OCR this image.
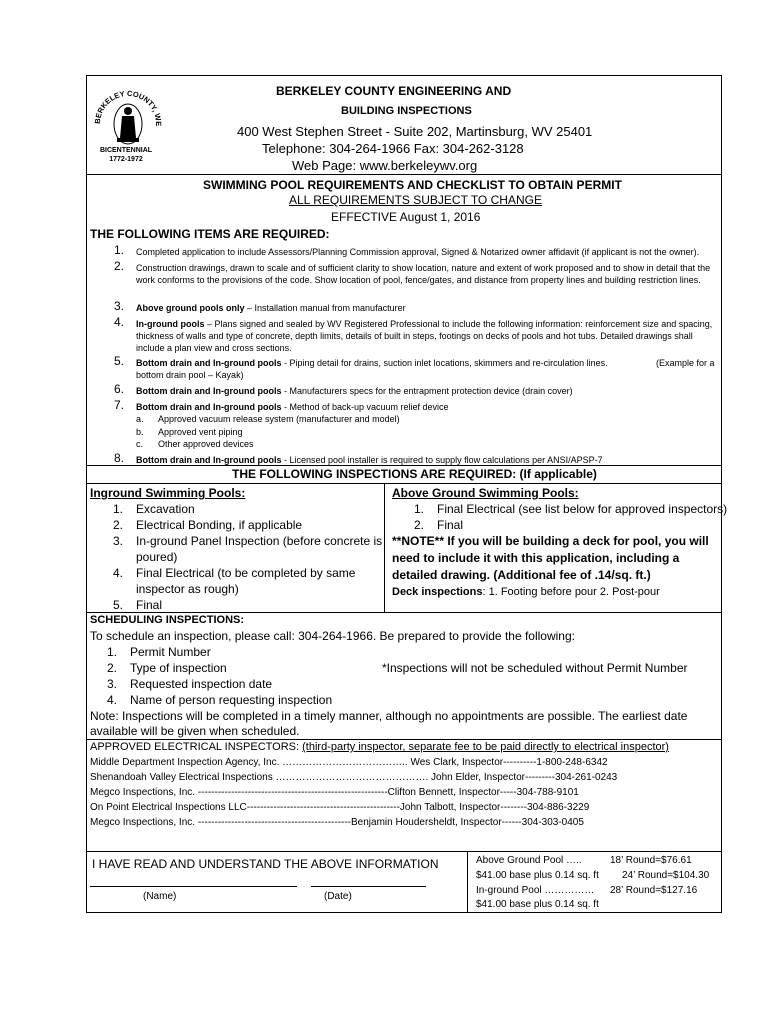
BERKELEY COUNTY, W
BICENTENNIAL
1772-1972
BERKELEY COUNTY ENGINEERING AND
BUILDING INSPECTIONS
400 West Stephen Street - Suite 202, Martinsburg, WV 25401
Telephone: 304-264-1966 Fax: 304-262-3128
Web Page: www.berkeleywv.org
SWIMMING POOL REQUIREMENTS AND CHECKLIST TO OBTAIN PERMIT
ALL REQUIREMENTS SUBJECT TO CHANGE
EFFECTIVE August 1, 2016
THE FOLLOWING ITEMS ARE REQUIRED:
1. Completed application to include Assessors/Planning Commission approval, Signed & Notarized owner affidavit (if applicant is not the owner).
2. Construction drawings, drawn to scale and of sufficient clarity to show location, nature and extent of work proposed and to show in detail that the work conforms to the provisions of the code. Show location of pool, fence/gates, and distance from property lines and building restriction lines.
3. Above ground pools only – Installation manual from manufacturer
4. In-ground pools – Plans signed and sealed by WV Registered Professional to include the following information: reinforcement size and spacing, thickness of walls and type of concrete, depth limits, details of built in steps, footings on decks of pools and hot tubs. Detailed drawings shall include a plan view and cross sections.
5. Bottom drain and In-ground pools - Piping detail for drains, suction inlet locations, skimmers and re-circulation lines.	(Example for a
bottom drain pool – Kayak)
6. Bottom drain and In-ground pools - Manufacturers specs for the entrapment protection device (drain cover)
7. Bottom drain and In-ground pools - Method of back-up vacuum relief device
a. Approved vacuum release system (manufacturer and model)
b. Approved vent piping
c. Other approved devices
8. Bottom drain and In-ground pools - Licensed pool installer is required to supply flow calculations per ANSI/APSP-7
THE FOLLOWING INSPECTIONS ARE REQUIRED: (If applicable)
Inground Swimming Pools:
1. Excavation
2. Electrical Bonding, if applicable
3. In-ground Panel Inspection (before concrete is
poured)
4. Final Electrical (to be completed by same
inspector as rough)
5. Final
Above Ground Swimming Pools:
1. Final Electrical (see list below for approved inspectors)
2. Final
**NOTE** If you will be building a deck for pool, you will
need to include it with this application, including a
detailed drawing. (Additional fee of .14/sq. ft.)
Deck inspections: 1. Footing before pour 2. Post-pour
SCHEDULING INSPECTIONS:
To schedule an inspection, please call: 304-264-1966. Be prepared to provide the following:
1. Permit Number
2. Type of inspection	*Inspections will not be scheduled without Permit Number
3. Requested inspection date
4. Name of person requesting inspection
Note: Inspections will be completed in a timely manner, although no appointments are possible. The earliest date
available will be given when scheduled.
APPROVED ELECTRICAL INSPECTORS: (third-party inspector, separate fee to be paid directly to electrical inspector)
Middle Department Inspection Agency, Inc. ……………………………….. Wes Clark, Inspector----------1-800-248-6342
Shenandoah Valley Electrical Inspections ………………………………………. John Elder, Inspector---------304-261-0243
Megco Inspections, Inc. ---------------------------------------------------------Clifton Bennett, Inspector-----304-788-9101
On Point Electrical Inspections LLC----------------------------------------------John Talbott, Inspector--------304-886-3229
Megco Inspections, Inc. ----------------------------------------------Benjamin Houdersheldt, Inspector------304-303-0405
I HAVE READ AND UNDERSTAND THE ABOVE INFORMATION
(Name)	(Date)
Above Ground Pool …..	18’ Round=$76.61
$41.00 base plus 0.14 sq. ft 24’ Round=$104.30
In-ground Pool …………… 28’ Round=$127.16
$41.00 base plus 0.14 sq. ft
